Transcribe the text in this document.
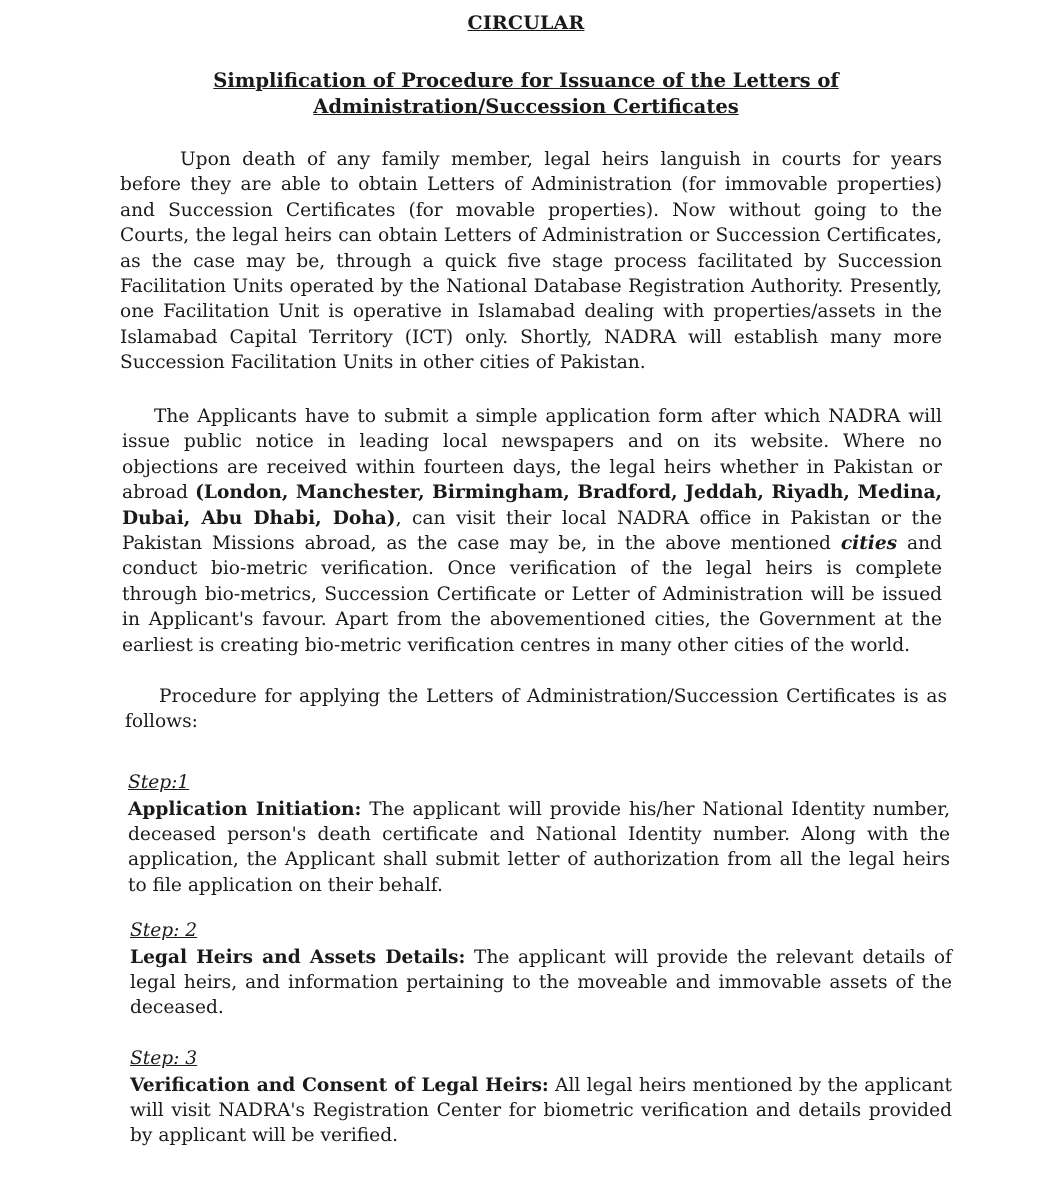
CIRCULAR
Simplification of Procedure for Issuance of the Letters of
Administration/Succession Certificates

Upon death of any family member, legal heirs languish in courts for years before they are able to obtain Letters of Administration (for immovable properties) and Succession Certificates (for movable properties). Now without going to the Courts, the legal heirs can obtain Letters of Administration or Succession Certificates, as the case may be, through a quick five stage process facilitated by Succession Facilitation Units operated by the National Database Registration Authority. Presently, one Facilitation Unit is operative in Islamabad dealing with properties/assets in the Islamabad Capital Territory (ICT) only. Shortly, NADRA will establish many more Succession Facilitation Units in other cities of Pakistan.

The Applicants have to submit a simple application form after which NADRA will issue public notice in leading local newspapers and on its website. Where no objections are received within fourteen days, the legal heirs whether in Pakistan or abroad (London, Manchester, Birmingham, Bradford, Jeddah, Riyadh, Medina, Dubai, Abu Dhabi, Doha), can visit their local NADRA office in Pakistan or the Pakistan Missions abroad, as the case may be, in the above mentioned cities and conduct bio-metric verification. Once verification of the legal heirs is complete through bio-metrics, Succession Certificate or Letter of Administration will be issued in Applicant's favour. Apart from the abovementioned cities, the Government at the earliest is creating bio-metric verification centres in many other cities of the world.

Procedure for applying the Letters of Administration/Succession Certificates is as follows:

Step:1

Application Initiation: The applicant will provide his/her National Identity number, deceased person's death certificate and National Identity number. Along with the application, the Applicant shall submit letter of authorization from all the legal heirs to file application on their behalf.

Step: 2

Legal Heirs and Assets Details: The applicant will provide the relevant details of legal heirs, and information pertaining to the moveable and immovable assets of the deceased.

Step: 3

Verification and Consent of Legal Heirs: All legal heirs mentioned by the applicant will visit NADRA's Registration Center for biometric verification and details provided by applicant will be verified.
